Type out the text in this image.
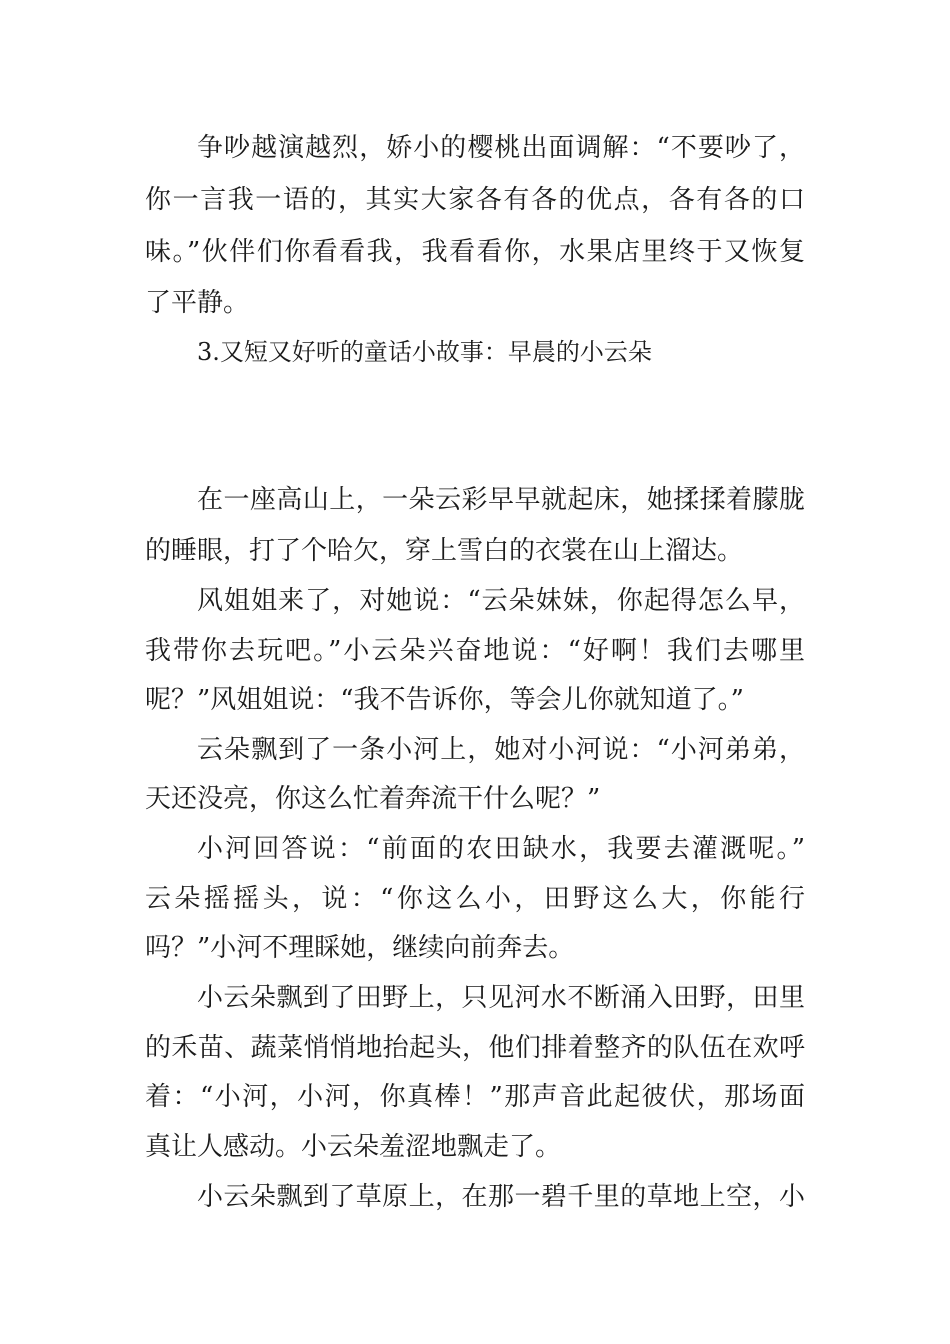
争吵越演越烈，娇小的樱桃出面调解：“不要吵了，
你一言我一语的，其实大家各有各的优点，各有各的口
味。”伙伴们你看看我，我看看你，水果店里终于又恢复
了平静。
3.又短又好听的童话小故事：早晨的小云朵
在一座高山上，一朵云彩早早就起床，她揉揉着朦胧
的睡眼，打了个哈欠，穿上雪白的衣裳在山上溜达。
风姐姐来了，对她说：“云朵妹妹，你起得怎么早，
我带你去玩吧。”小云朵兴奋地说：“好啊！我们去哪里
呢？”风姐姐说：“我不告诉你，等会儿你就知道了。”
云朵飘到了一条小河上，她对小河说：“小河弟弟，
天还没亮，你这么忙着奔流干什么呢？”
小河回答说：“前面的农田缺水，我要去灌溉呢。”
云朵摇摇头，说：“你这么小，田野这么大，你能行
吗？”小河不理睬她，继续向前奔去。
小云朵飘到了田野上，只见河水不断涌入田野，田里
的禾苗、蔬菜悄悄地抬起头，他们排着整齐的队伍在欢呼
着：“小河，小河，你真棒！”那声音此起彼伏，那场面
真让人感动。小云朵羞涩地飘走了。
小云朵飘到了草原上，在那一碧千里的草地上空，小
